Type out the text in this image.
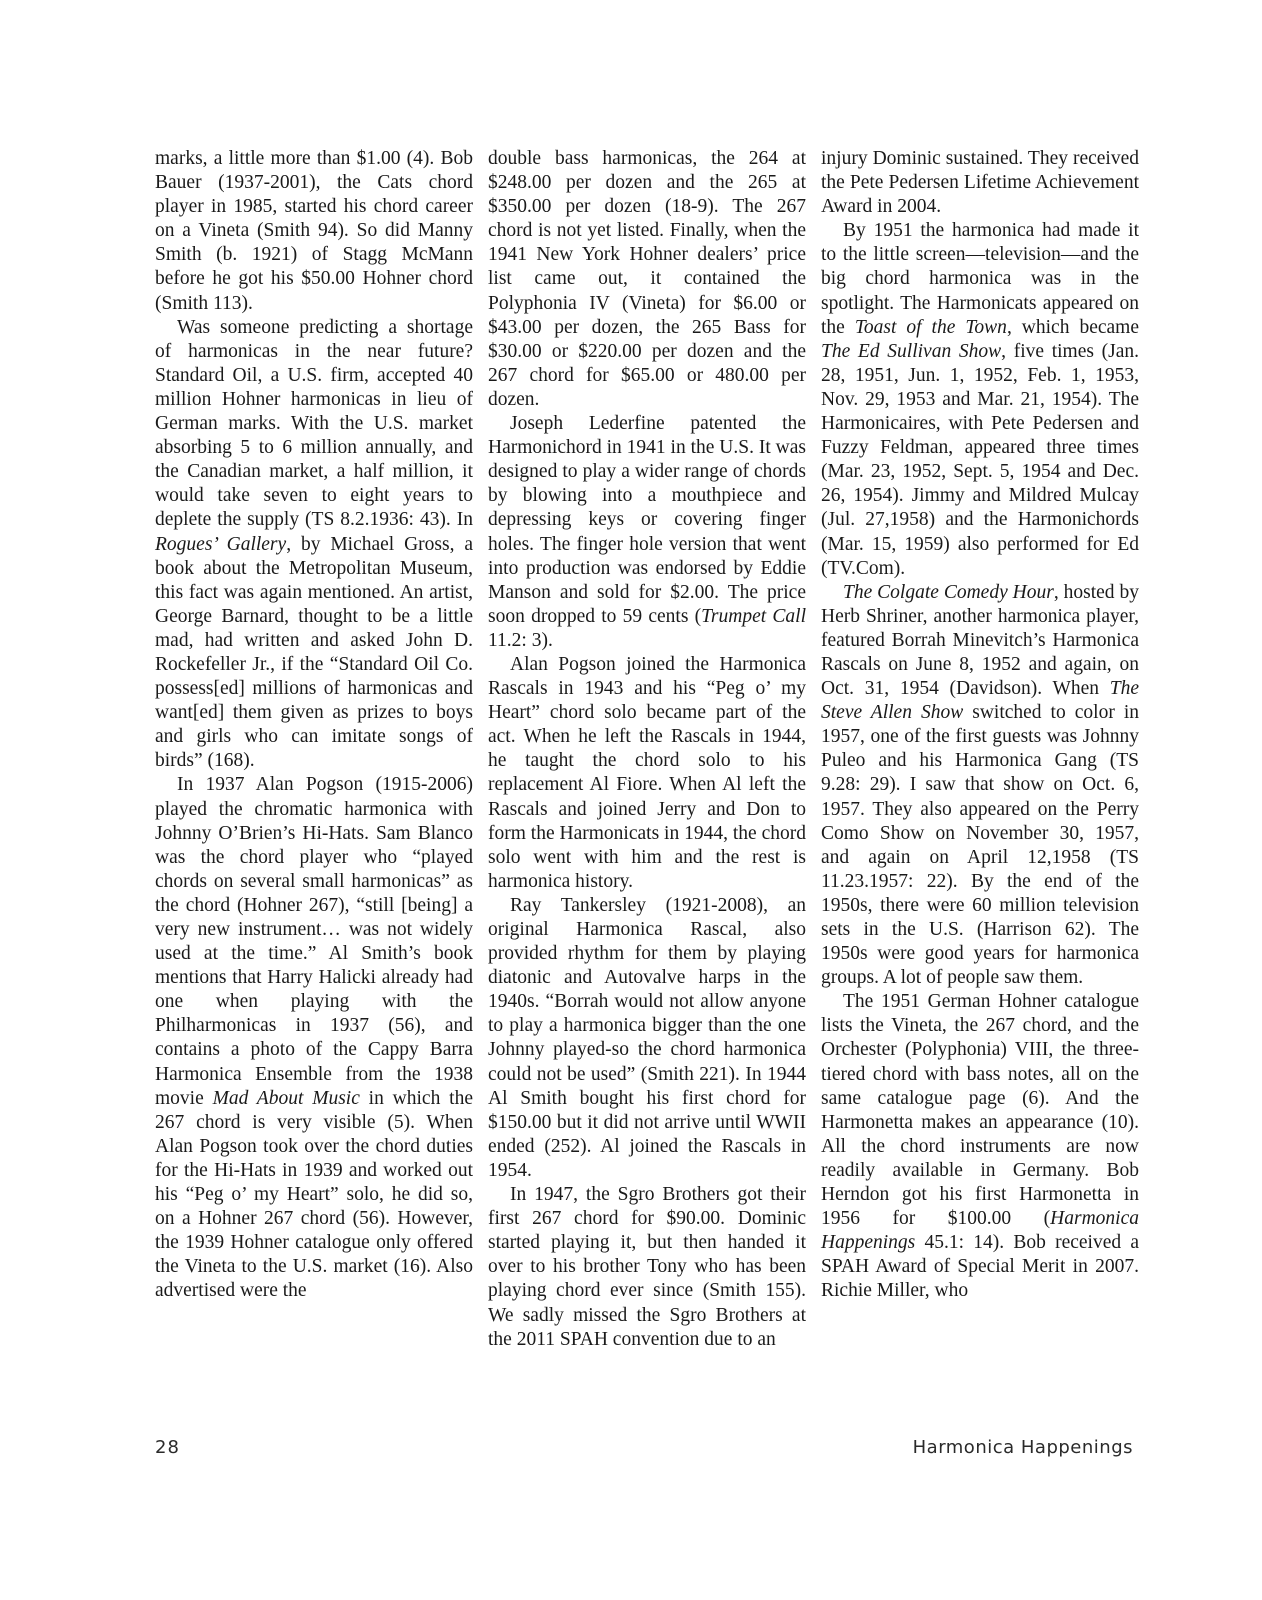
marks, a little more than $1.00 (4). Bob Bauer (1937-2001), the Cats chord player in 1985, started his chord career on a Vineta (Smith 94). So did Manny Smith (b. 1921) of Stagg McMann before he got his $50.00 Hohner chord (Smith 113).

Was someone predicting a shortage of harmonicas in the near future? Standard Oil, a U.S. firm, accepted 40 million Hohner harmonicas in lieu of German marks. With the U.S. market absorbing 5 to 6 million annually, and the Canadian market, a half million, it would take seven to eight years to deplete the supply (TS 8.2.1936: 43). In Rogues’ Gallery, by Michael Gross, a book about the Metropolitan Museum, this fact was again mentioned. An artist, George Barnard, thought to be a little mad, had written and asked John D. Rockefeller Jr., if the “Standard Oil Co. possess[ed] millions of harmonicas and want[ed] them given as prizes to boys and girls who can imitate songs of birds” (168).

In 1937 Alan Pogson (1915-2006) played the chromatic harmonica with Johnny O’Brien’s Hi-Hats. Sam Blanco was the chord player who “played chords on several small harmonicas” as the chord (Hohner 267), “still [being] a very new instrument… was not widely used at the time.” Al Smith’s book mentions that Harry Halicki already had one when playing with the Philharmonicas in 1937 (56), and contains a photo of the Cappy Barra Harmonica Ensemble from the 1938 movie Mad About Music in which the 267 chord is very visible (5). When Alan Pogson took over the chord duties for the Hi-Hats in 1939 and worked out his “Peg o’ my Heart” solo, he did so, on a Hohner 267 chord (56). However, the 1939 Hohner catalogue only offered the Vineta to the U.S. market (16). Also advertised were the

double bass harmonicas, the 264 at $248.00 per dozen and the 265 at $350.00 per dozen (18-9). The 267 chord is not yet listed. Finally, when the 1941 New York Hohner dealers’ price list came out, it contained the Polyphonia IV (Vineta) for $6.00 or $43.00 per dozen, the 265 Bass for $30.00 or $220.00 per dozen and the 267 chord for $65.00 or 480.00 per dozen.

Joseph Lederfine patented the Harmonichord in 1941 in the U.S. It was designed to play a wider range of chords by blowing into a mouthpiece and depressing keys or covering finger holes. The finger hole version that went into production was endorsed by Eddie Manson and sold for $2.00. The price soon dropped to 59 cents (Trumpet Call 11.2: 3).

Alan Pogson joined the Harmonica Rascals in 1943 and his “Peg o’ my Heart” chord solo became part of the act. When he left the Rascals in 1944, he taught the chord solo to his replacement Al Fiore. When Al left the Rascals and joined Jerry and Don to form the Harmonicats in 1944, the chord solo went with him and the rest is harmonica history.

Ray Tankersley (1921-2008), an original Harmonica Rascal, also provided rhythm for them by playing diatonic and Autovalve harps in the 1940s. “Borrah would not allow anyone to play a harmonica bigger than the one Johnny played-so the chord harmonica could not be used” (Smith 221). In 1944 Al Smith bought his first chord for $150.00 but it did not arrive until WWII ended (252). Al joined the Rascals in 1954.

In 1947, the Sgro Brothers got their first 267 chord for $90.00. Dominic started playing it, but then handed it over to his brother Tony who has been playing chord ever since (Smith 155). We sadly missed the Sgro Brothers at the 2011 SPAH convention due to an

injury Dominic sustained. They received the Pete Pedersen Lifetime Achievement Award in 2004.

By 1951 the harmonica had made it to the little screen—television—and the big chord harmonica was in the spotlight. The Harmonicats appeared on the Toast of the Town, which became The Ed Sullivan Show, five times (Jan. 28, 1951, Jun. 1, 1952, Feb. 1, 1953, Nov. 29, 1953 and Mar. 21, 1954). The Harmonicaires, with Pete Pedersen and Fuzzy Feldman, appeared three times (Mar. 23, 1952, Sept. 5, 1954 and Dec. 26, 1954). Jimmy and Mildred Mulcay (Jul. 27,1958) and the Harmonichords (Mar. 15, 1959) also performed for Ed (TV.Com).

The Colgate Comedy Hour, hosted by Herb Shriner, another harmonica player, featured Borrah Minevitch’s Harmonica Rascals on June 8, 1952 and again, on Oct. 31, 1954 (Davidson). When The Steve Allen Show switched to color in 1957, one of the first guests was Johnny Puleo and his Harmonica Gang (TS 9.28: 29). I saw that show on Oct. 6, 1957. They also appeared on the Perry Como Show on November 30, 1957, and again on April 12,1958 (TS 11.23.1957: 22). By the end of the 1950s, there were 60 million television sets in the U.S. (Harrison 62). The 1950s were good years for harmonica groups. A lot of people saw them.

The 1951 German Hohner catalogue lists the Vineta, the 267 chord, and the Orchester (Polyphonia) VIII, the three-tiered chord with bass notes, all on the same catalogue page (6). And the Harmonetta makes an appearance (10). All the chord instruments are now readily available in Germany. Bob Herndon got his first Harmonetta in 1956 for $100.00 (Harmonica Happenings 45.1: 14). Bob received a SPAH Award of Special Merit in 2007. Richie Miller, who

28	Harmonica Happenings
